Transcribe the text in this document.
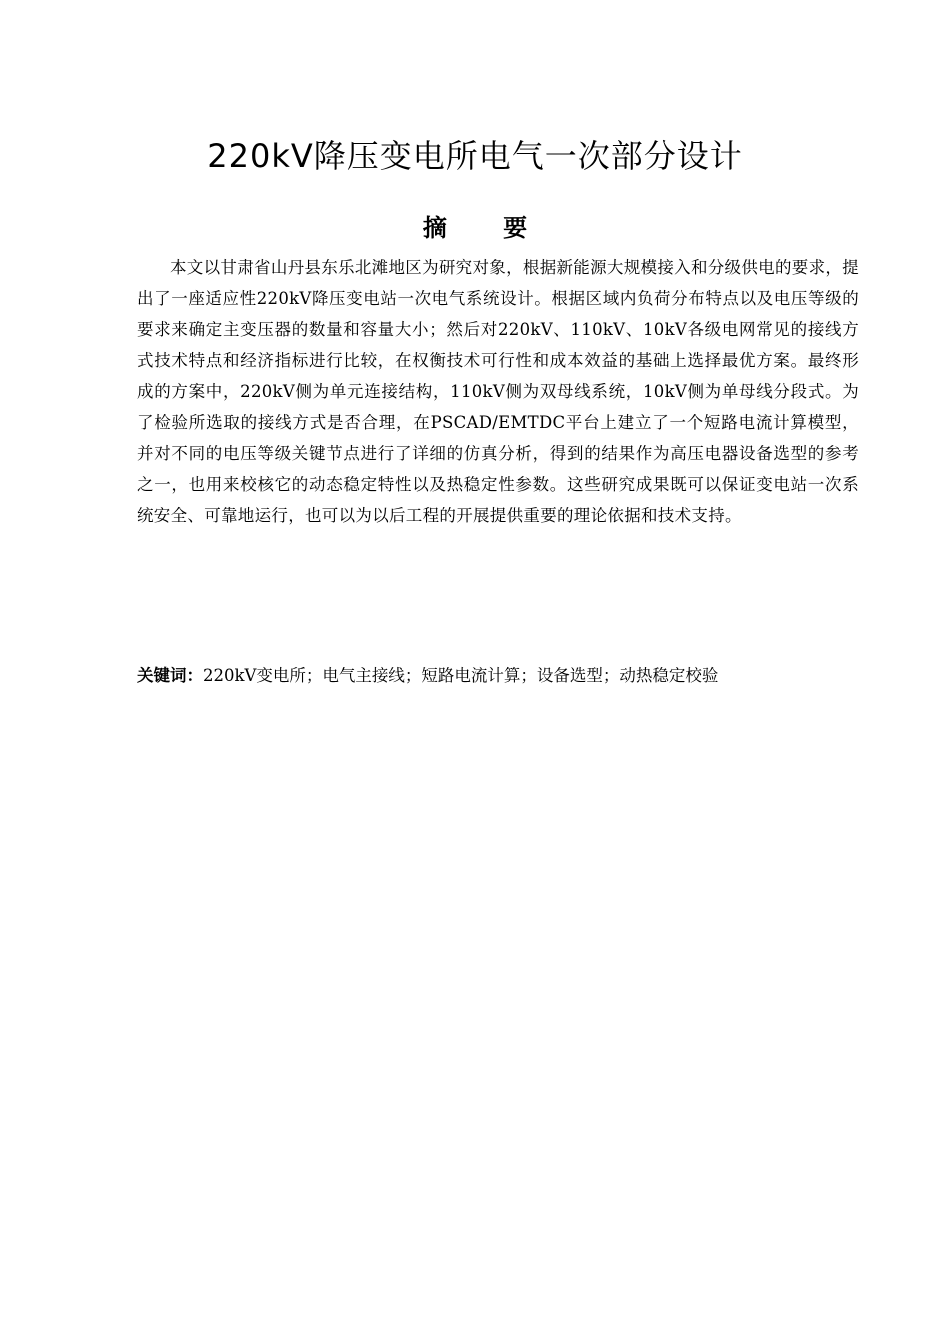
220kV降压变电所电气一次部分设计
摘 要

本文以甘肃省山丹县东乐北滩地区为研究对象，根据新能源大规模接入和分级供电的要求，提出了一座适应性220kV降压变电站一次电气系统设计。根据区域内负荷分布特点以及电压等级的要求来确定主变压器的数量和容量大小；然后对220kV、110kV、10kV各级电网常见的接线方式技术特点和经济指标进行比较，在权衡技术可行性和成本效益的基础上选择最优方案。最终形成的方案中，220kV侧为单元连接结构，110kV侧为双母线系统，10kV侧为单母线分段式。为了检验所选取的接线方式是否合理，在PSCAD/EMTDC平台上建立了一个短路电流计算模型，并对不同的电压等级关键节点进行了详细的仿真分析，得到的结果作为高压电器设备选型的参考之一，也用来校核它的动态稳定特性以及热稳定性参数。这些研究成果既可以保证变电站一次系统安全、可靠地运行，也可以为以后工程的开展提供重要的理论依据和技术支持。

关键词：220kV变电所；电气主接线；短路电流计算；设备选型；动热稳定校验
